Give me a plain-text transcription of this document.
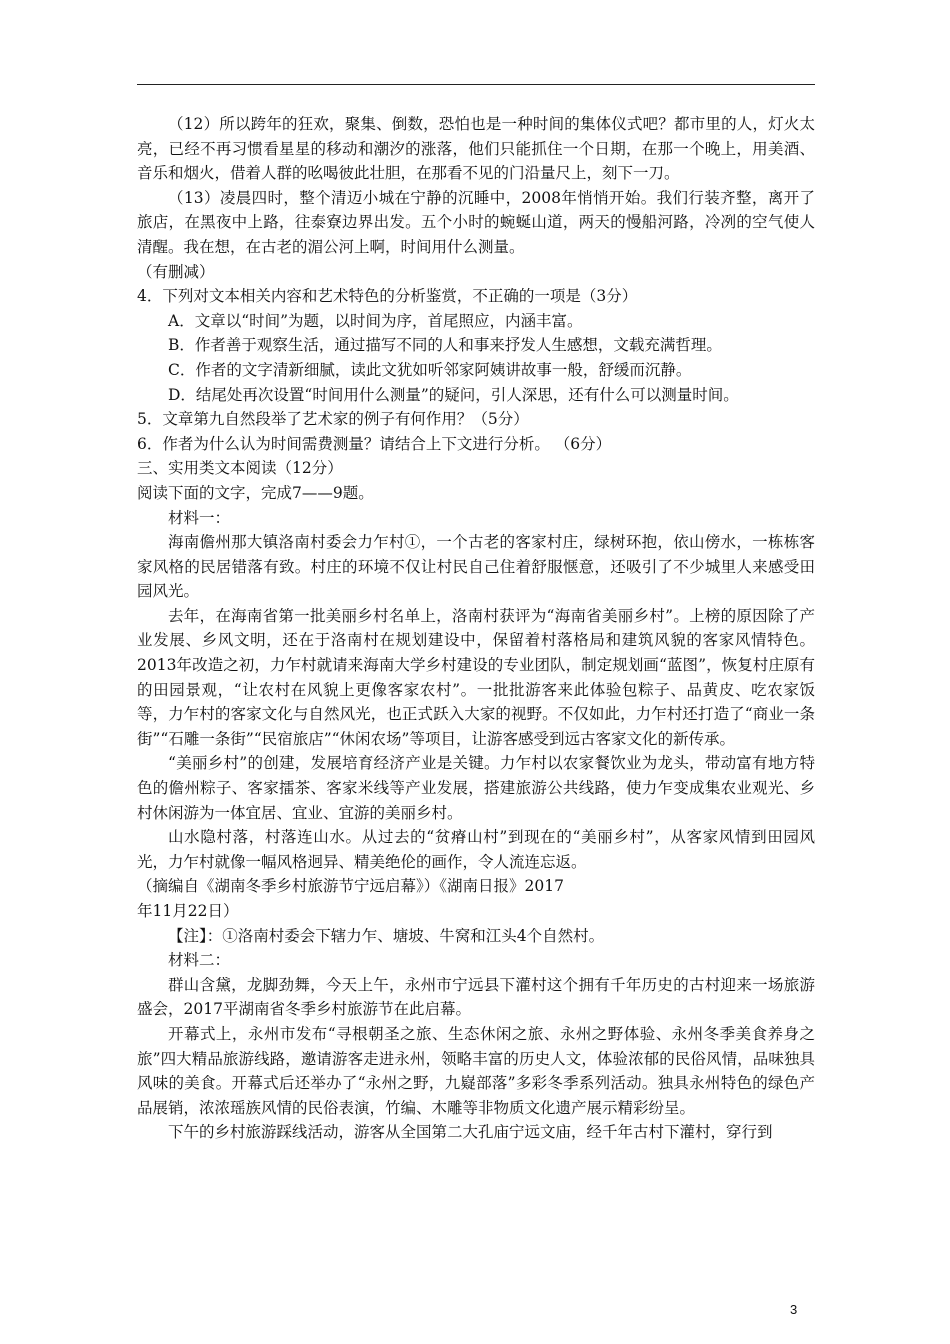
（12）所以跨年的狂欢，聚集、倒数，恐怕也是一种时间的集体仪式吧？都市里的人，灯火太亮，已经不再习惯看星星的移动和潮汐的涨落，他们只能抓住一个日期，在那一个晚上，用美酒、音乐和烟火，借着人群的吆喝彼此壮胆，在那看不见的门沿量尺上，刻下一刀。

（13）凌晨四时，整个清迈小城在宁静的沉睡中，2008年悄悄开始。我们行装齐整，离开了旅店，在黑夜中上路，往泰寮边界出发。五个小时的蜿蜒山道，两天的慢船河路，冷冽的空气使人清醒。我在想，在古老的湄公河上啊，时间用什么测量。

（有删减）

4．下列对文本相关内容和艺术特色的分析鉴赏，不正确的一项是（3分）

A．文章以“时间”为题，以时间为序，首尾照应，内涵丰富。

B．作者善于观察生活，通过描写不同的人和事来抒发人生感想，文载充满哲理。

C．作者的文字清新细腻，读此文犹如听邻家阿姨讲故事一般，舒缓而沉静。

D．结尾处再次设置“时间用什么测量”的疑问，引人深思，还有什么可以测量时间。

5．文章第九自然段举了艺术家的例子有何作用？（5分）

6．作者为什么认为时间需费测量？请结合上下文进行分析。 （6分）

三、实用类文本阅读（12分）

阅读下面的文字，完成7——9题。

材料一：

海南儋州那大镇洛南村委会力乍村①，一个古老的客家村庄，绿树环抱，依山傍水，一栋栋客家风格的民居错落有致。村庄的环境不仅让村民自己住着舒服惬意，还吸引了不少城里人来感受田园风光。

去年，在海南省第一批美丽乡村名单上，洛南村获评为“海南省美丽乡村”。上榜的原因除了产业发展、乡风文明，还在于洛南村在规划建设中，保留着村落格局和建筑风貌的客家风情特色。2013年改造之初，力乍村就请来海南大学乡村建设的专业团队，制定规划画“蓝图”，恢复村庄原有的田园景观，“让农村在风貌上更像客家农村”。一批批游客来此体验包粽子、品黄皮、吃农家饭等，力乍村的客家文化与自然风光，也正式跃入大家的视野。不仅如此，力乍村还打造了“商业一条街”“石雕一条街”“民宿旅店”“休闲农场”等项目，让游客感受到远古客家文化的新传承。

“美丽乡村”的创建，发展培育经济产业是关键。力乍村以农家餐饮业为龙头，带动富有地方特色的儋州粽子、客家擂茶、客家米线等产业发展，搭建旅游公共线路，使力乍变成集农业观光、乡村休闲游为一体宜居、宜业、宜游的美丽乡村。

山水隐村落，村落连山水。从过去的“贫瘠山村”到现在的“美丽乡村”，从客家风情到田园风光，力乍村就像一幅风格迥异、精美绝伦的画作，令人流连忘返。

（摘编自《湖南冬季乡村旅游节宁远启幕》）《湖南日报》2017

年11月22日）

【注】：①洛南村委会下辖力乍、塘坡、牛窝和江头4个自然村。

材料二：

群山含黛，龙脚劲舞，今天上午，永州市宁远县下灌村这个拥有千年历史的古村迎来一场旅游盛会，2017平湖南省冬季乡村旅游节在此启幕。

开幕式上，永州市发布“寻根朝圣之旅、生态休闲之旅、永州之野体验、永州冬季美食养身之旅”四大精品旅游线路，邀请游客走进永州，领略丰富的历史人文，体验浓郁的民俗风情，品味独具风味的美食。开幕式后还举办了“永州之野，九嶷部落”多彩冬季系列活动。独具永州特色的绿色产品展销，浓浓瑶族风情的民俗表演，竹编、木雕等非物质文化遗产展示精彩纷呈。

下午的乡村旅游踩线活动，游客从全国第二大孔庙宁远文庙，经千年古村下灌村，穿行到

3
